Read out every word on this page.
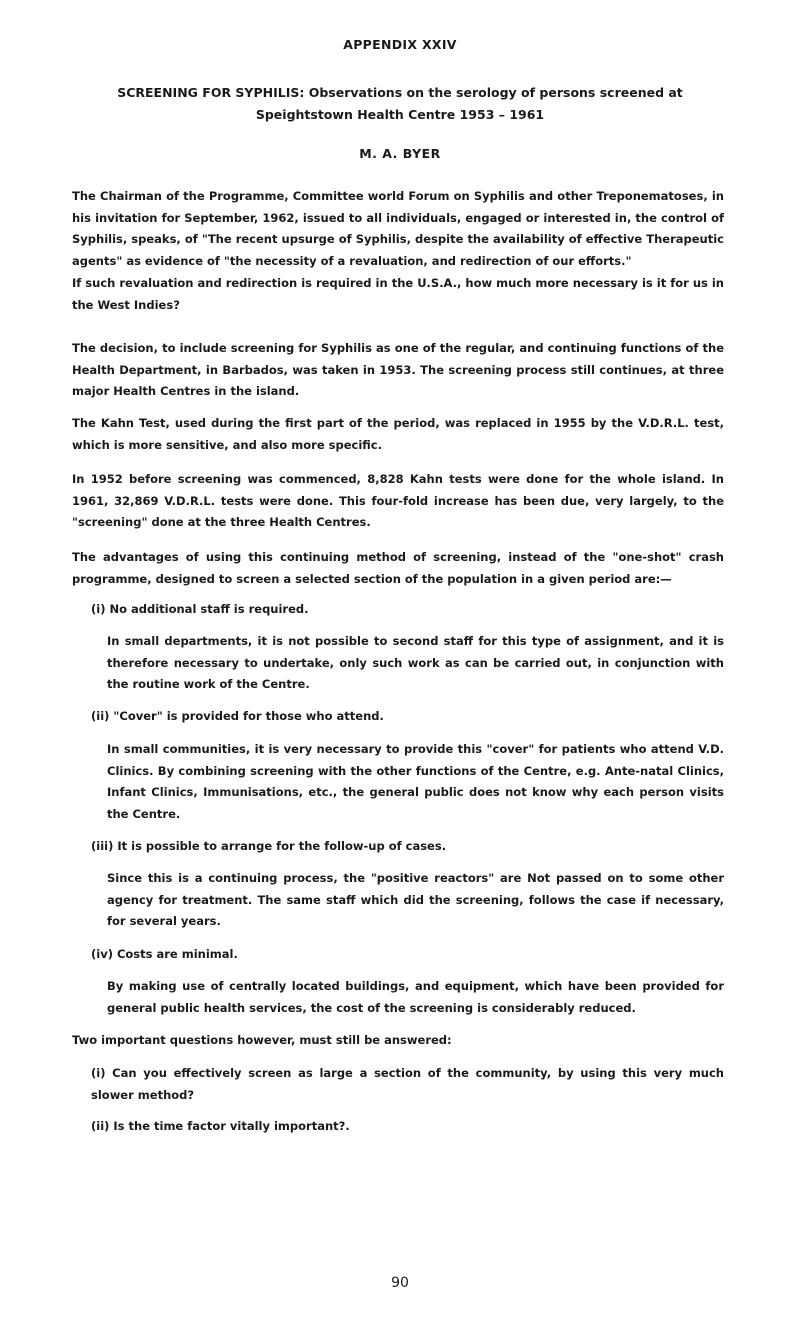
APPENDIX XXIV
SCREENING FOR SYPHILIS: Observations on the serology of persons screened at
Speightstown Health Centre 1953 – 1961
M. A. BYER

The Chairman of the Programme, Committee world Forum on Syphilis and other Treponematoses, in his invitation for September, 1962, issued to all individuals, engaged or interested in, the control of Syphilis, speaks, of "The recent upsurge of Syphilis, despite the availability of effective Therapeutic agents" as evidence of "the necessity of a revaluation, and redirection of our efforts."

If such revaluation and redirection is required in the U.S.A., how much more necessary is it for us in the West Indies?

The decision, to include screening for Syphilis as one of the regular, and continuing functions of the Health Department, in Barbados, was taken in 1953. The screening process still continues, at three major Health Centres in the island.

The Kahn Test, used during the first part of the period, was replaced in 1955 by the V.D.R.L. test, which is more sensitive, and also more specific.

In 1952 before screening was commenced, 8,828 Kahn tests were done for the whole island. In 1961, 32,869 V.D.R.L. tests were done. This four-fold increase has been due, very largely, to the "screening" done at the three Health Centres.

The advantages of using this continuing method of screening, instead of the "one-shot" crash programme, designed to screen a selected section of the population in a given period are:—

(i) No additional staff is required.

In small departments, it is not possible to second staff for this type of assignment, and it is therefore necessary to undertake, only such work as can be carried out, in conjunction with the routine work of the Centre.

(ii) "Cover" is provided for those who attend.

In small communities, it is very necessary to provide this "cover" for patients who attend V.D. Clinics. By combining screening with the other functions of the Centre, e.g. Ante-natal Clinics, Infant Clinics, Immunisations, etc., the general public does not know why each person visits the Centre.

(iii) It is possible to arrange for the follow-up of cases.

Since this is a continuing process, the "positive reactors" are Not passed on to some other agency for treatment. The same staff which did the screening, follows the case if necessary, for several years.

(iv) Costs are minimal.

By making use of centrally located buildings, and equipment, which have been provided for general public health services, the cost of the screening is considerably reduced.

Two important questions however, must still be answered:

(i) Can you effectively screen as large a section of the community, by using this very much slower method?

(ii) Is the time factor vitally important?.

90
